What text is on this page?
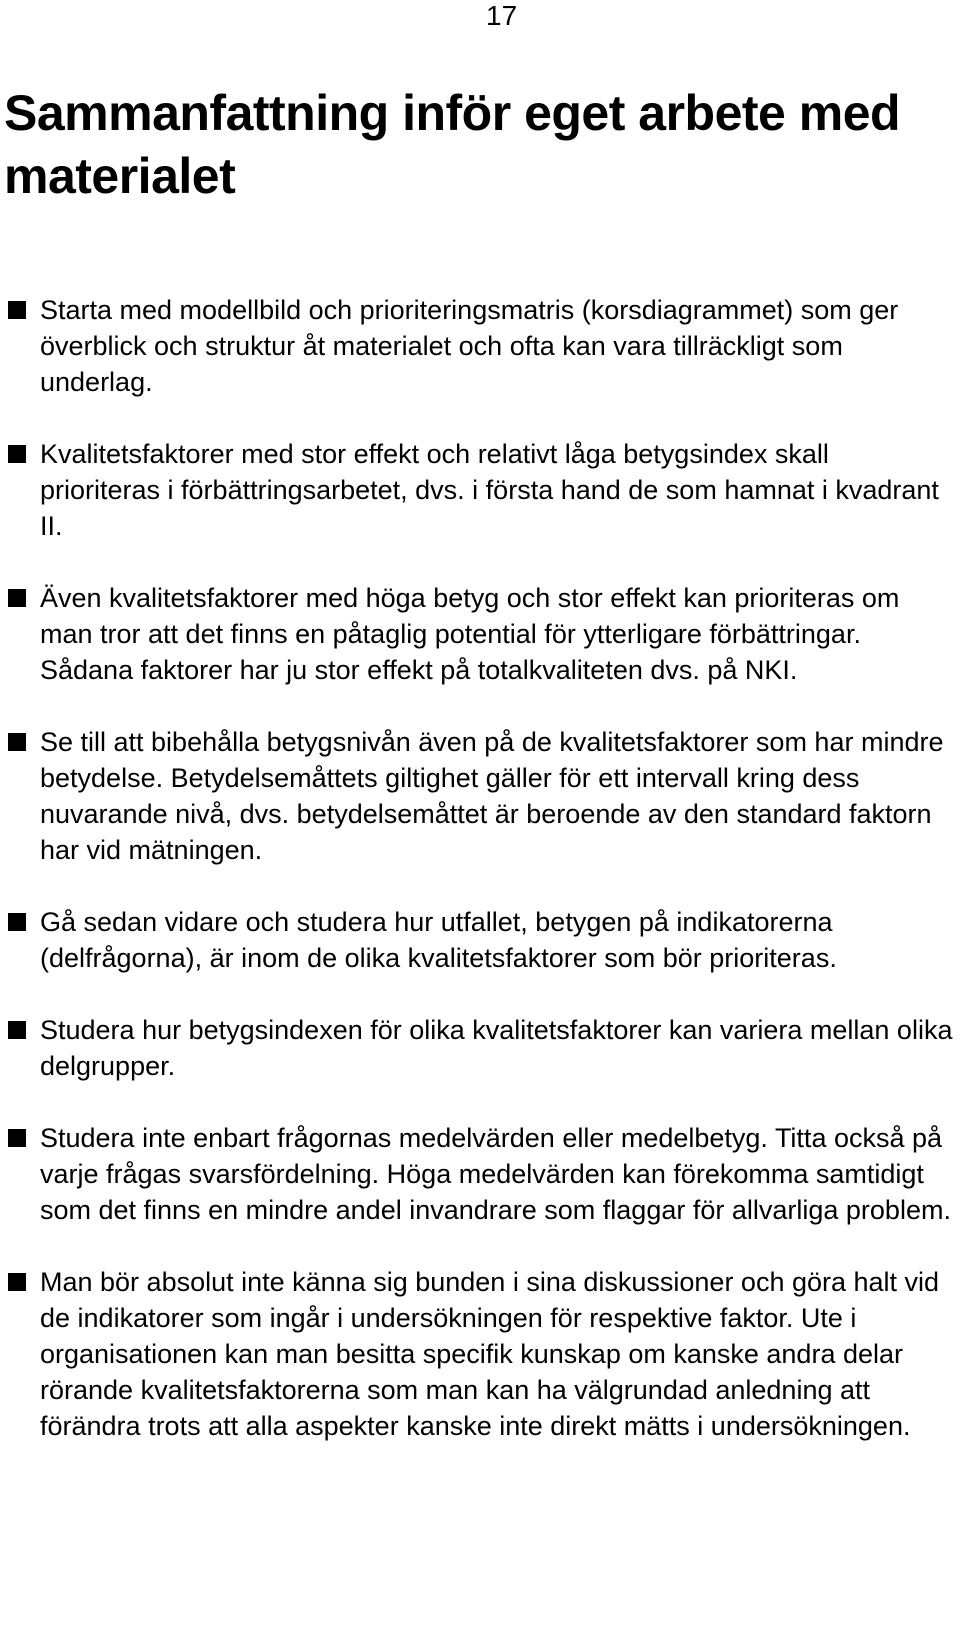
17
Sammanfattning inför eget arbete med materialet
Starta med modellbild och prioriteringsmatris (korsdiagrammet) som ger överblick och struktur åt materialet och ofta kan vara tillräckligt som underlag.
Kvalitetsfaktorer med stor effekt och relativt låga betygsindex skall prioriteras i förbättringsarbetet, dvs. i första hand de som hamnat i kvadrant II.
Även kvalitetsfaktorer med höga betyg och stor effekt kan prioriteras om man tror att det finns en påtaglig potential för ytterligare förbättringar. Sådana faktorer har ju stor effekt på totalkvaliteten dvs. på NKI.
Se till att bibehålla betygsnivån även på de kvalitetsfaktorer som har mindre betydelse. Betydelsemåttets giltighet gäller för ett intervall kring dess nuvarande nivå, dvs. betydelsemåttet är beroende av den standard faktorn har vid mätningen.
Gå sedan vidare och studera hur utfallet, betygen på indikatorerna (delfrågorna), är inom de olika kvalitetsfaktorer som bör prioriteras.
Studera hur betygsindexen för olika kvalitetsfaktorer kan variera mellan olika delgrupper.
Studera inte enbart frågornas medelvärden eller medelbetyg. Titta också på varje frågas svarsfördelning. Höga medelvärden kan förekomma samtidigt som det finns en mindre andel invandrare som flaggar för allvarliga problem.
Man bör absolut inte känna sig bunden i sina diskussioner och göra halt vid de indikatorer som ingår i undersökningen för respektive faktor. Ute i organisationen kan man besitta specifik kunskap om kanske andra delar rörande kvalitetsfaktorerna som man kan ha välgrundad anledning att förändra trots att alla aspekter kanske inte direkt mätts i undersökningen.
